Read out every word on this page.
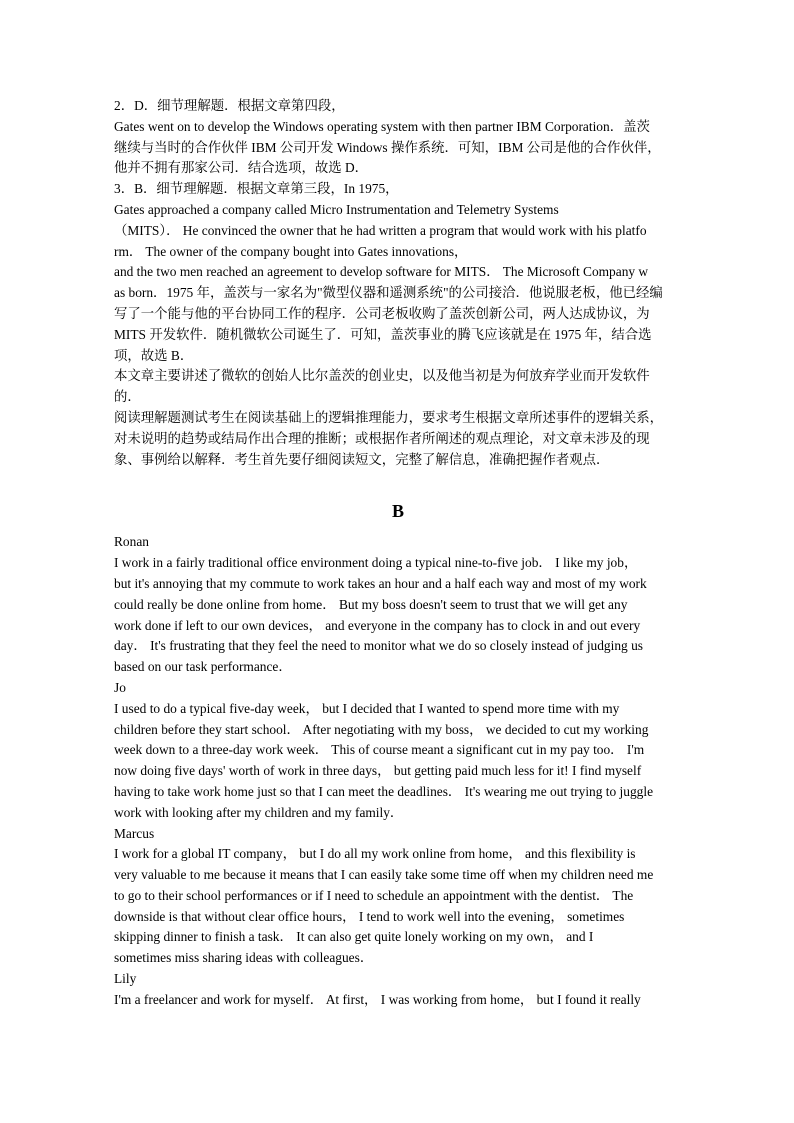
2．D．细节理解题．根据文章第四段，
Gates went on to develop the Windows operating system with then partner IBM Corporation．盖茨
继续与当时的合作伙伴 IBM 公司开发 Windows 操作系统．可知，IBM 公司是他的合作伙伴，
他并不拥有那家公司．结合选项，故选 D．
3．B．细节理解题．根据文章第三段，In 1975，
Gates approached a company called Micro Instrumentation and Telemetry Systems
（MITS）． He convinced the owner that he had written a program that would work with his platfo
rm． The owner of the company bought into Gates innovations，
and the two men reached an agreement to develop software for MITS． The Microsoft Company w
as born．1975 年，盖茨与一家名为"微型仪器和遥测系统"的公司接洽．他说服老板，他已经编
写了一个能与他的平台协同工作的程序．公司老板收购了盖茨创新公司，两人达成协议，为
MITS 开发软件．随机微软公司诞生了．可知，盖茨事业的腾飞应该就是在 1975 年，结合选
项，故选 B．
本文章主要讲述了微软的创始人比尔盖茨的创业史，以及他当初是为何放弃学业而开发软件
的．
阅读理解题测试考生在阅读基础上的逻辑推理能力，要求考生根据文章所述事件的逻辑关系，
对未说明的趋势或结局作出合理的推断；或根据作者所阐述的观点理论，对文章未涉及的现
象、事例给以解释．考生首先要仔细阅读短文，完整了解信息，准确把握作者观点．
B
Ronan
I work in a fairly traditional office environment doing a typical nine-to-five job． I like my job，
but it's annoying that my commute to work takes an hour and a half each way and most of my work
could really be done online from home． But my boss doesn't seem to trust that we will get any
work done if left to our own devices， and everyone in the company has to clock in and out every
day． It's frustrating that they feel the need to monitor what we do so closely instead of judging us
based on our task performance．
Jo
I used to do a typical five-day week， but I decided that I wanted to spend more time with my
children before they start school． After negotiating with my boss， we decided to cut my working
week down to a three-day work week． This of course meant a significant cut in my pay too． I'm
now doing five days' worth of work in three days， but getting paid much less for it! I find myself
having to take work home just so that I can meet the deadlines． It's wearing me out trying to juggle
work with looking after my children and my family．
Marcus
I work for a global IT company， but I do all my work online from home， and this flexibility is
very valuable to me because it means that I can easily take some time off when my children need me
to go to their school performances or if I need to schedule an appointment with the dentist． The
downside is that without clear office hours， I tend to work well into the evening， sometimes
skipping dinner to finish a task． It can also get quite lonely working on my own， and I
sometimes miss sharing ideas with colleagues．
Lily
I'm a freelancer and work for myself． At first， I was working from home， but I found it really
